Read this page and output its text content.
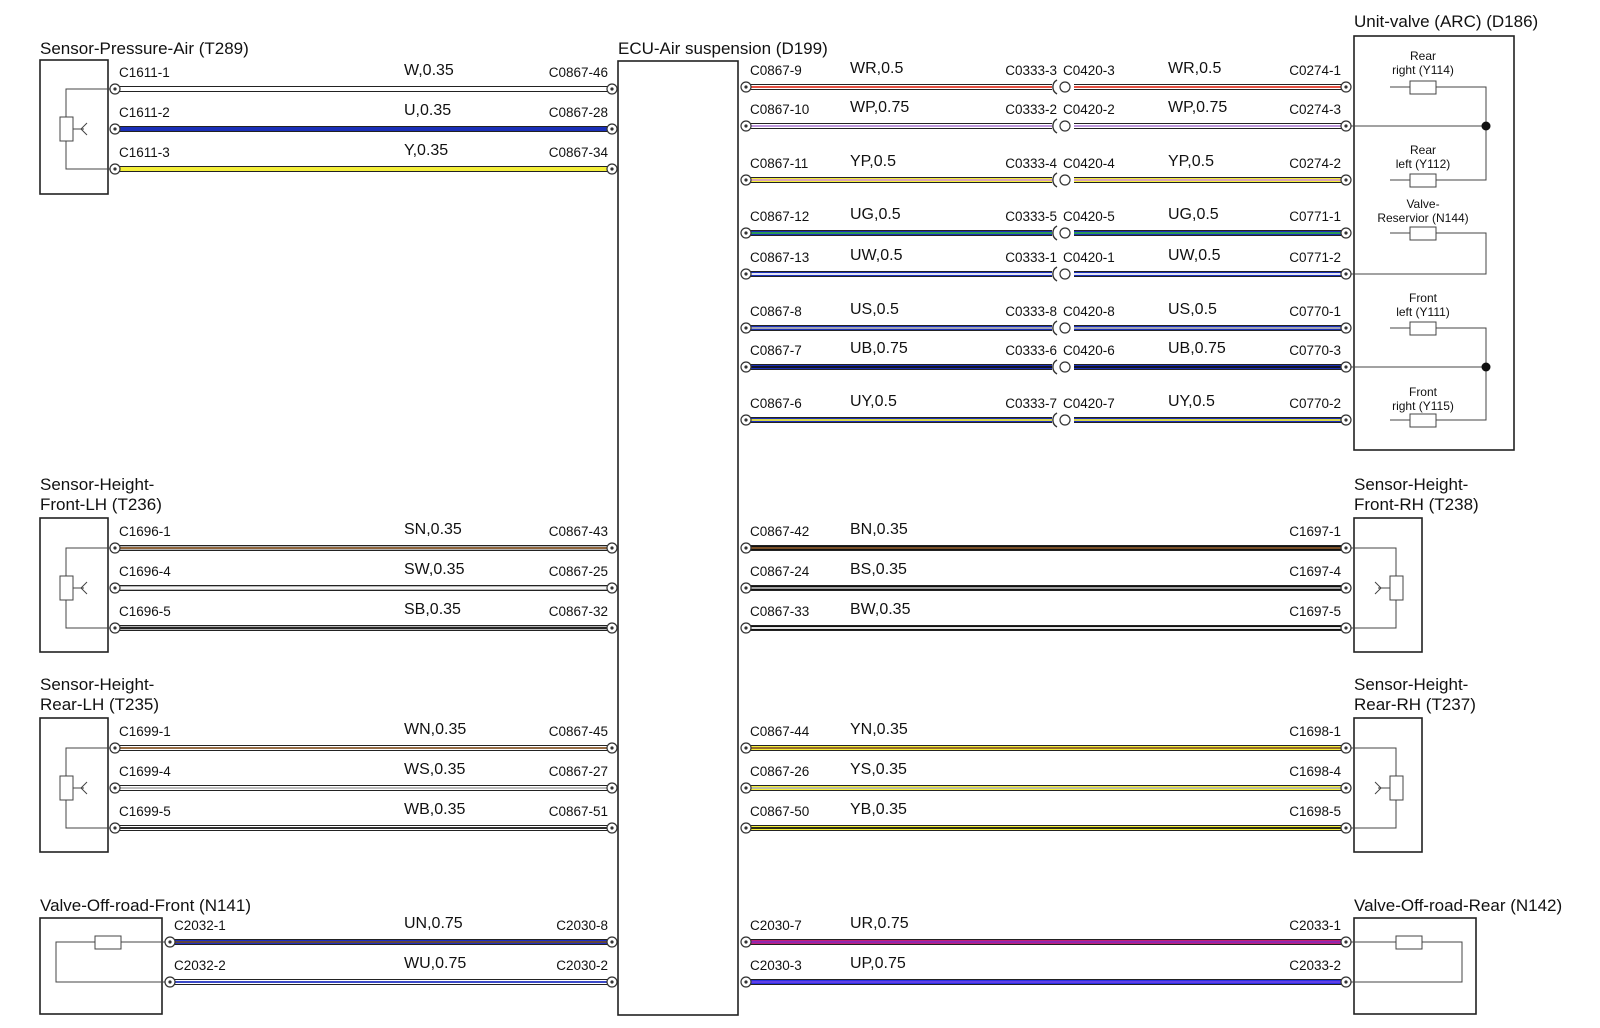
ECU-Air suspension (D199)
Sensor-Pressure-Air (T289)
Sensor-Height-
Front-LH (T236)
Sensor-Height-
Rear-LH (T235)
Valve-Off-road-Front (N141)
Unit-valve (ARC) (D186)
Sensor-Height-
Front-RH (T238)
Sensor-Height-
Rear-RH (T237)
Valve-Off-road-Rear (N142)
Rear
right (Y114)
Rear
left (Y112)
Valve-
Reservior (N144)
Front
left (Y111)
Front
right (Y115)
C1611-1	W,0.35	C0867-46
C1611-2	U,0.35	C0867-28
C1611-3	Y,0.35	C0867-34
C1696-1	SN,0.35	C0867-43
C1696-4	SW,0.35	C0867-25
C1696-5	SB,0.35	C0867-32
C1699-1	WN,0.35	C0867-45
C1699-4	WS,0.35	C0867-27
C1699-5	WB,0.35	C0867-51
C2032-1	UN,0.75	C2030-8
C2032-2	WU,0.75	C2030-2
C0867-9	WR,0.5	C0333-3 C0420-3	WR,0.5	C0274-1
C0867-10	WP,0.75	C0333-2 C0420-2	WP,0.75	C0274-3
C0867-11	YP,0.5	C0333-4 C0420-4	YP,0.5	C0274-2
C0867-12	UG,0.5	C0333-5 C0420-5	UG,0.5	C0771-1
C0867-13	UW,0.5	C0333-1 C0420-1	UW,0.5	C0771-2
C0867-8	US,0.5	C0333-8 C0420-8	US,0.5	C0770-1
C0867-7	UB,0.75	C0333-6 C0420-6	UB,0.75	C0770-3
C0867-6	UY,0.5	C0333-7 C0420-7	UY,0.5	C0770-2
C0867-42	BN,0.35	C1697-1
C0867-24	BS,0.35	C1697-4
C0867-33	BW,0.35	C1697-5
C0867-44	YN,0.35	C1698-1
C0867-26	YS,0.35	C1698-4
C0867-50	YB,0.35	C1698-5
C2030-7	UR,0.75	C2033-1
C2030-3	UP,0.75	C2033-2
